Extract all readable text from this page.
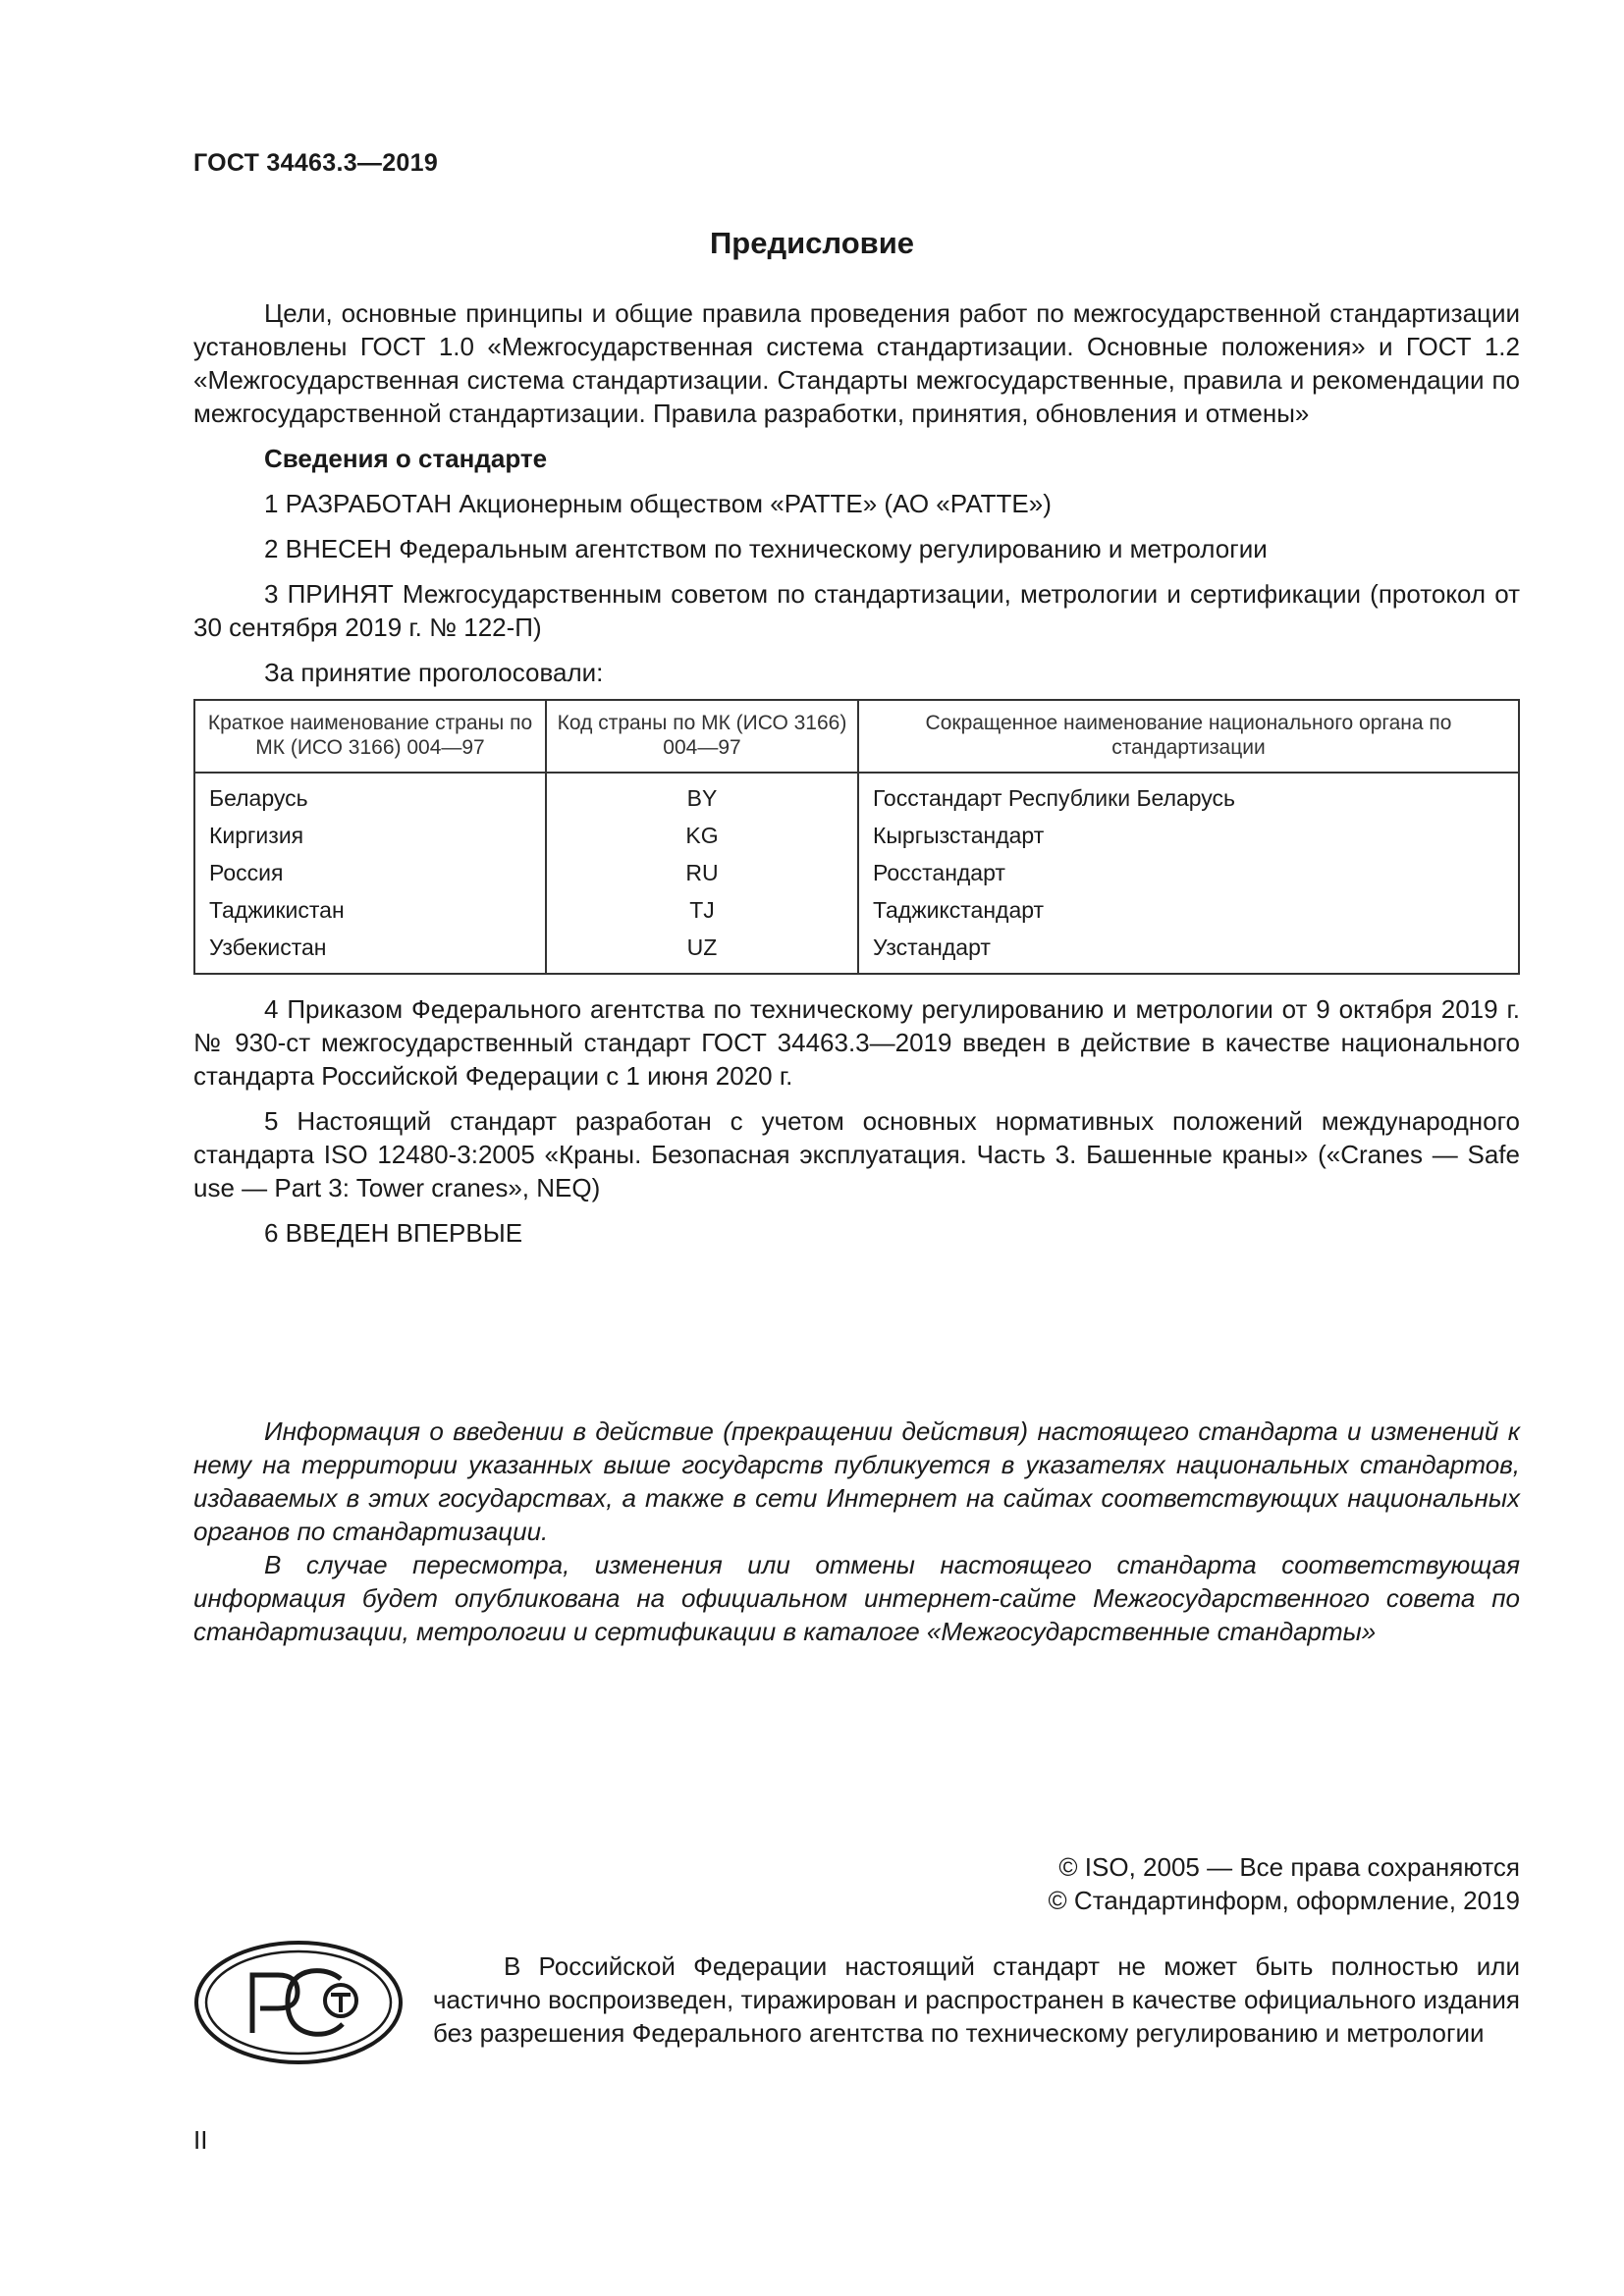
ГОСТ 34463.3—2019
Предисловие

Цели, основные принципы и общие правила проведения работ по межгосударственной стандартизации установлены ГОСТ 1.0 «Межгосударственная система стандартизации. Основные положения» и ГОСТ 1.2 «Межгосударственная система стандартизации. Стандарты межгосударственные, правила и рекомендации по межгосударственной стандартизации. Правила разработки, принятия, обновления и отмены»

Сведения о стандарте

1 РАЗРАБОТАН Акционерным обществом «РАТТЕ» (АО «РАТТЕ»)

2 ВНЕСЕН Федеральным агентством по техническому регулированию и метрологии

3 ПРИНЯТ Межгосударственным советом по стандартизации, метрологии и сертификации (протокол от 30 сентября 2019 г. № 122-П)

За принятие проголосовали:

Краткое наименование страны по МК (ИСО 3166) 004—97	Код страны по МК (ИСО 3166) 004—97	Сокращенное наименование национального органа по стандартизации
Беларусь	BY	Госстандарт Республики Беларусь
Киргизия	KG	Кыргызстандарт
Россия	RU	Росстандарт
Таджикистан	TJ	Таджикстандарт
Узбекистан	UZ	Узстандарт

4 Приказом Федерального агентства по техническому регулированию и метрологии от 9 октября 2019 г. № 930-ст межгосударственный стандарт ГОСТ 34463.3—2019 введен в действие в качестве национального стандарта Российской Федерации с 1 июня 2020 г.

5 Настоящий стандарт разработан с учетом основных нормативных положений международного стандарта ISO 12480-3:2005 «Краны. Безопасная эксплуатация. Часть 3. Башенные краны» («Cranes — Safe use — Part 3: Tower cranes», NEQ)

6 ВВЕДЕН ВПЕРВЫЕ

Информация о введении в действие (прекращении действия) настоящего стандарта и изменений к нему на территории указанных выше государств публикуется в указателях национальных стандартов, издаваемых в этих государствах, а также в сети Интернет на сайтах соответствующих национальных органов по стандартизации.

В случае пересмотра, изменения или отмены настоящего стандарта соответствующая информация будет опубликована на официальном интернет-сайте Межгосударственного совета по стандартизации, метрологии и сертификации в каталоге «Межгосударственные стандарты»

© ISO, 2005 — Все права сохраняются
© Стандартинформ, оформление, 2019

В Российской Федерации настоящий стандарт не может быть полностью или частично воспроизведен, тиражирован и распространен в качестве официального издания без разрешения Федерального агентства по техническому регулированию и метрологии

II
